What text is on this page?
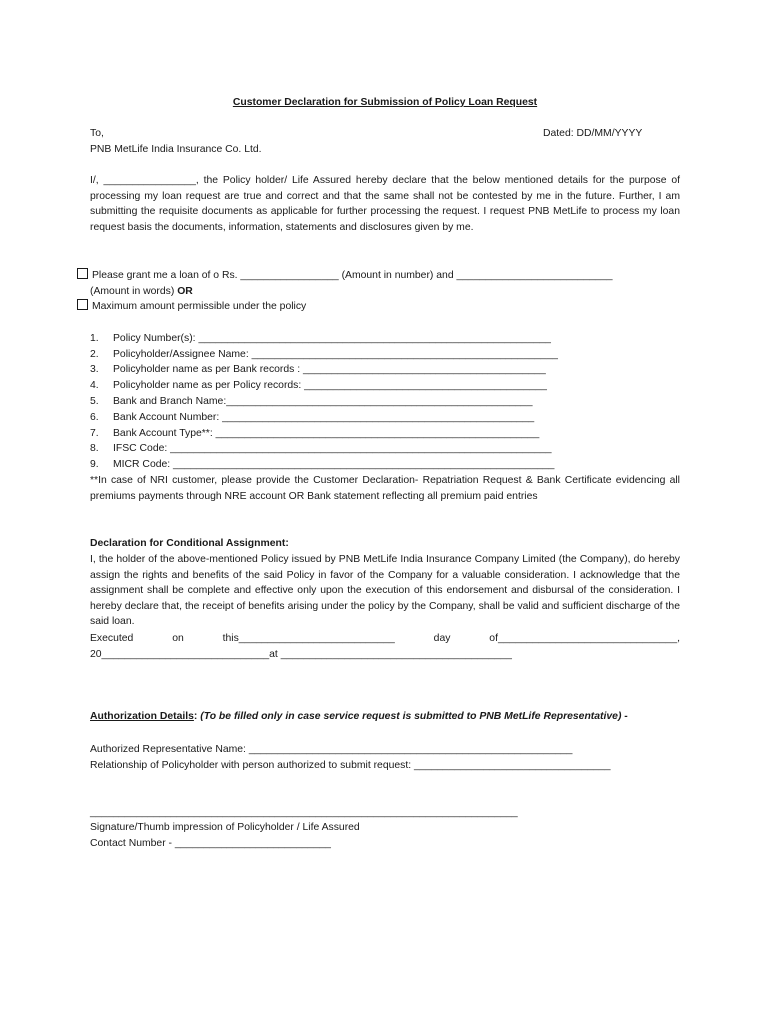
Customer Declaration for Submission of Policy Loan Request
To,	Dated: DD/MM/YYYY
PNB MetLife India Insurance Co. Ltd.
I/, ________________, the Policy holder/ Life Assured hereby declare that the below mentioned details for the purpose of processing my loan request are true and correct and that the same shall not be contested by me in the future. Further, I am submitting the requisite documents as applicable for further processing the request. I request PNB MetLife to process my loan request basis the documents, information, statements and disclosures given by me.
Please grant me a loan of ο Rs. _________________ (Amount in number) and ___________________________
(Amount in words) OR
Maximum amount permissible under the policy
1. Policy Number(s): _____________________________________________________________
2. Policyholder/Assignee Name: _____________________________________________________
3. Policyholder name as per Bank records : __________________________________________
4. Policyholder name as per Policy records: __________________________________________
5. Bank and Branch Name:_____________________________________________________
6. Bank Account Number: ______________________________________________________
7. Bank Account Type**: ________________________________________________________
8. IFSC Code: __________________________________________________________________
9. MICR Code: __________________________________________________________________
**In case of NRI customer, please provide the Customer Declaration- Repatriation Request & Bank Certificate evidencing all premiums payments through NRE account OR Bank statement reflecting all premium paid entries
Declaration for Conditional Assignment:
I, the holder of the above-mentioned Policy issued by PNB MetLife India Insurance Company Limited (the Company), do hereby assign the rights and benefits of the said Policy in favor of the Company for a valuable consideration. I acknowledge that the assignment shall be complete and effective only upon the execution of this endorsement and disbursal of the consideration. I hereby declare that, the receipt of benefits arising under the policy by the Company, shall be valid and sufficient discharge of the said loan.
Executed	on	this___________________________	day	of_______________________________,
20_____________________________at ________________________________________
Authorization Details: (To be filled only in case service request is submitted to PNB MetLife Representative) -
Authorized Representative Name: ________________________________________________________
Relationship of Policyholder with person authorized to submit request: __________________________________
__________________________________________________________________________
Signature/Thumb impression of Policyholder / Life Assured
Contact Number - ___________________________
